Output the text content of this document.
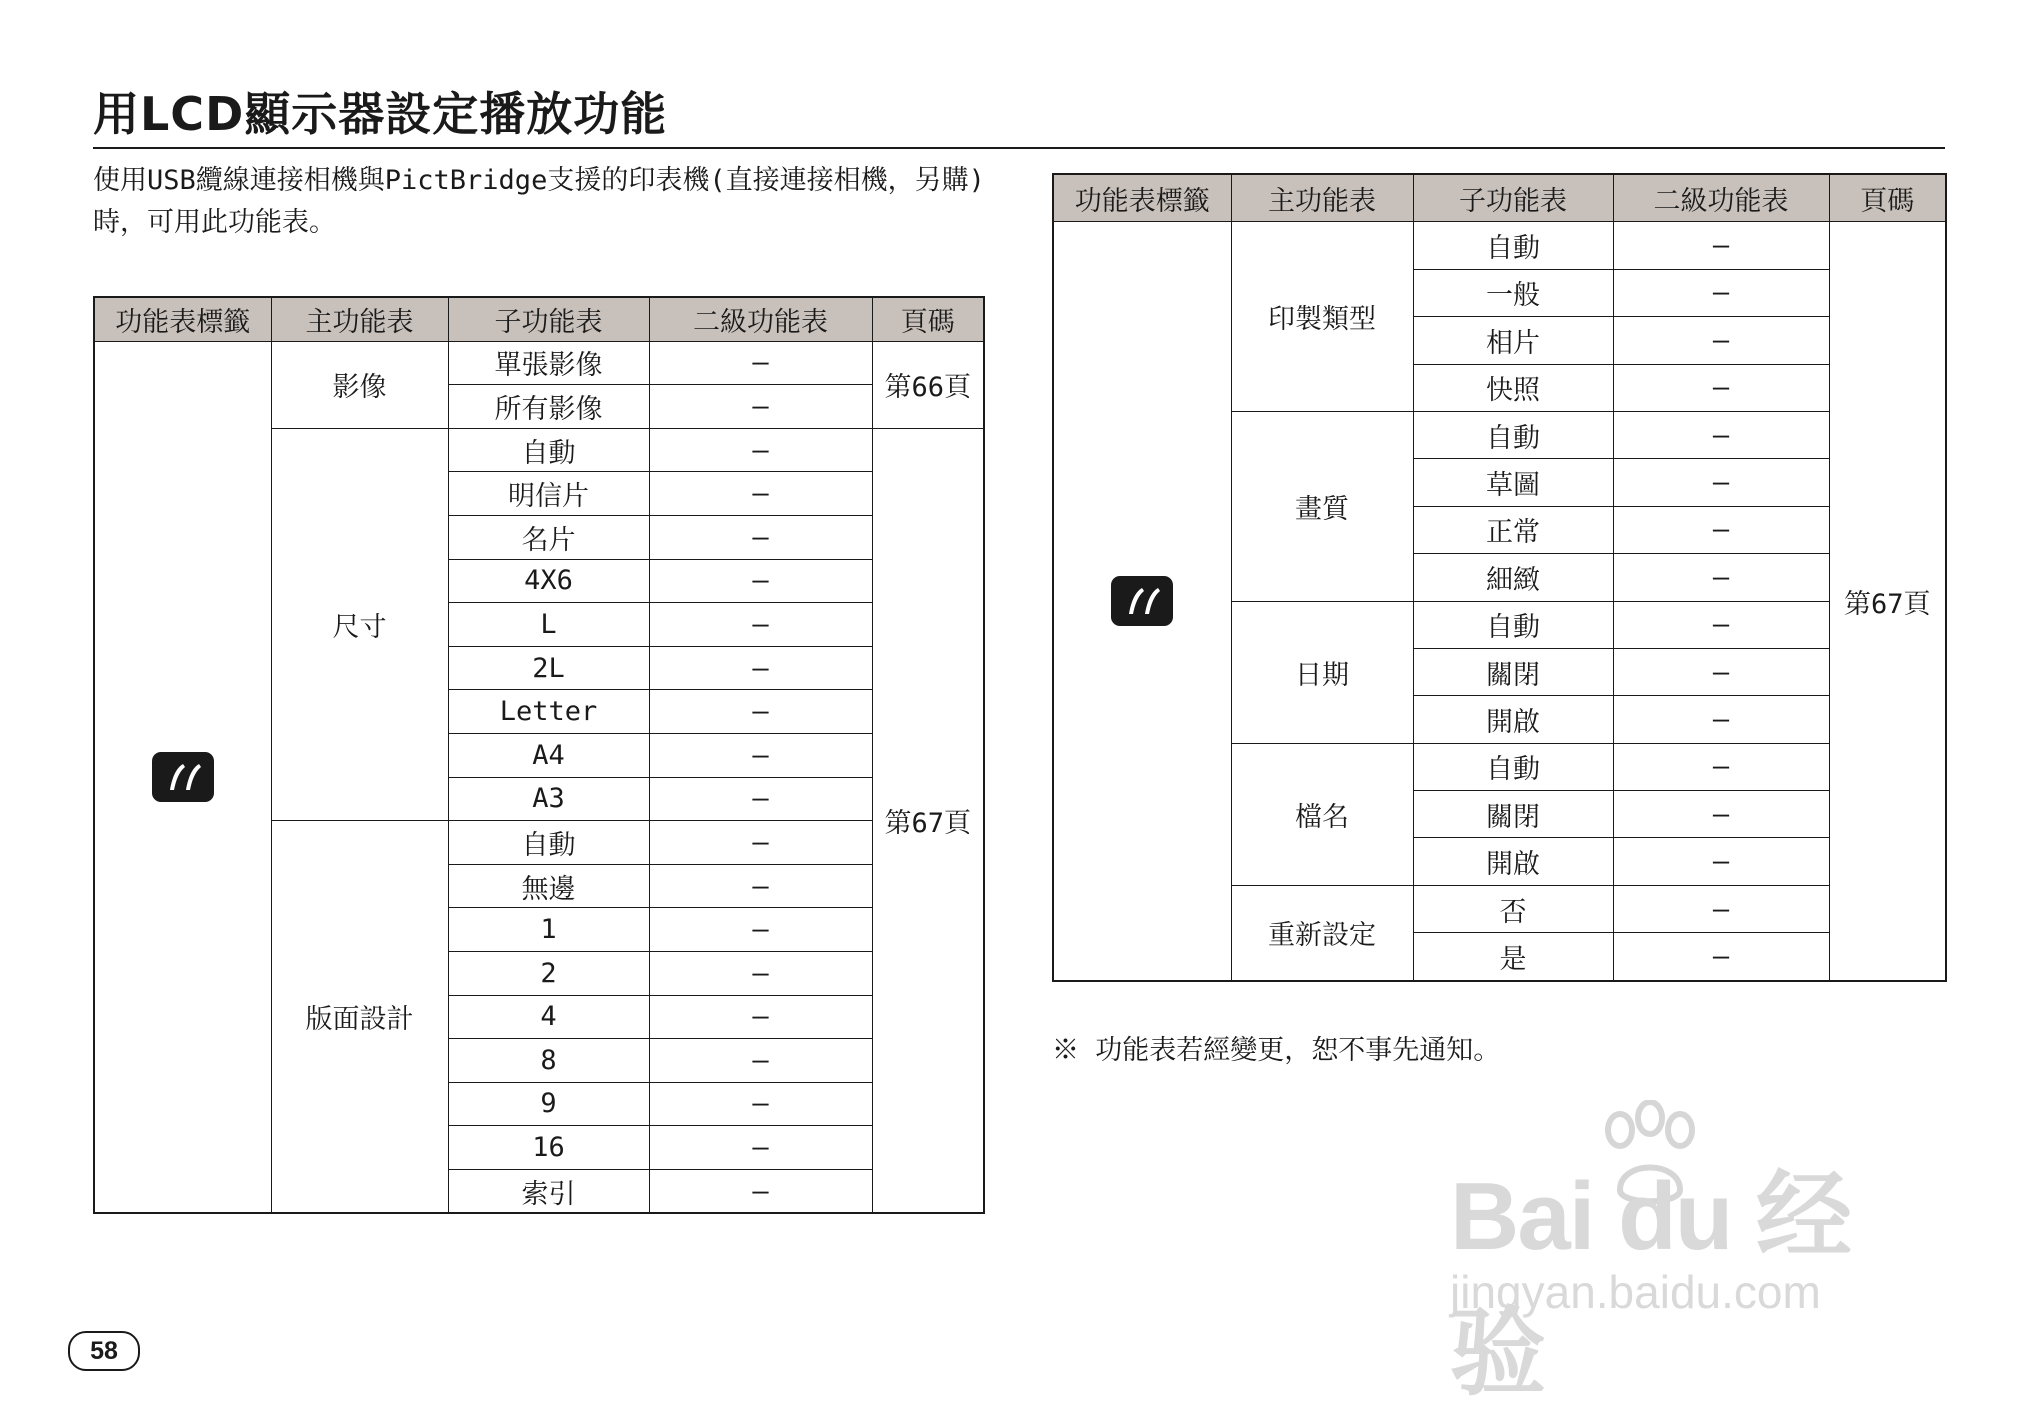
用LCD顯示器設定播放功能
使用USB纜線連接相機與PictBridge支援的印表機(直接連接相機，另購)時，可用此功能表。
功能表標籤	主功能表	子功能表	二級功能表	頁碼

	影像	單張影像	–	第66頁
		所有影像	–	
	尺寸	自動	–	第67頁
		明信片	–	
		名片	–	
		4X6	–	
		L	–	
		2L	–	
		Letter	–	
		A4	–	
		A3	–	
	版面設計	自動	–	
		無邊	–	
		1	–	
		2	–	
		4	–	
		8	–	
		9	–	
		16	–	
		索引	–	
功能表標籤	主功能表	子功能表	二級功能表	頁碼

	印製類型	自動	–	第67頁
		一般	–	
		相片	–	
		快照	–	
	畫質	自動	–	
		草圖	–	
		正常	–	
		細緻	–	
	日期	自動	–	
		關閉	–	
		開啟	–	
	檔名	自動	–	
		關閉	–	
		開啟	–	
	重新設定	否	–	
		是	–	
※ 功能表若經變更，恕不事先通知。
58
Bai du 经验
jingyan.baidu.com
